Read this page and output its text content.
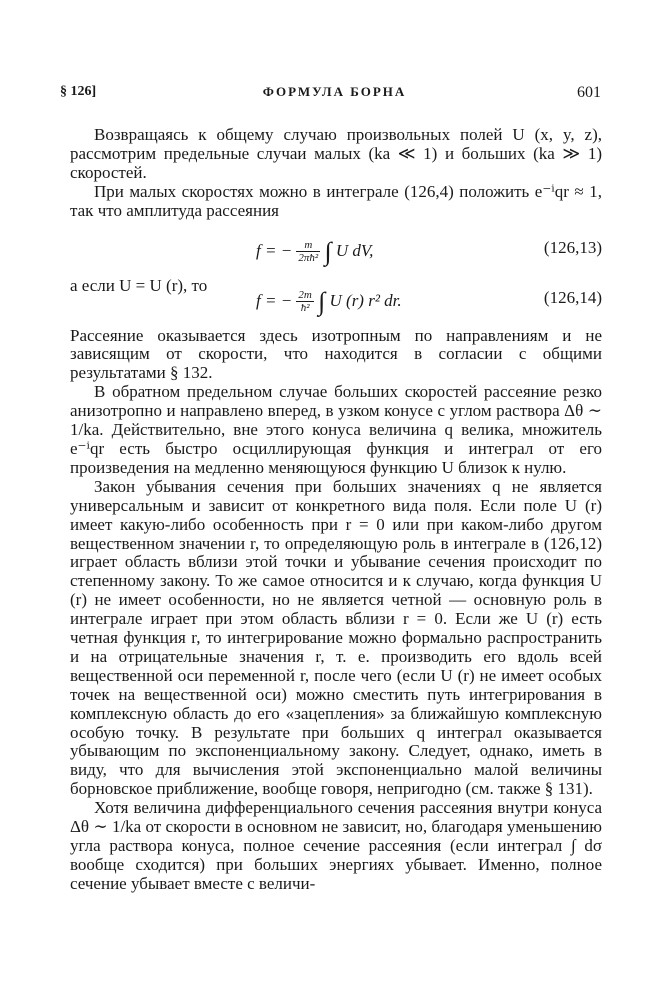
§ 126]	ФОРМУЛА БОРНА	601

Возвращаясь к общему случаю произвольных полей U (x, y, z), рассмотрим предельные случаи малых (ka ≪ 1) и больших (ka ≫ 1) скоростей.

При малых скоростях можно в интеграле (126,4) положить e⁻ⁱqr ≈ 1, так что амплитуда рассеяния

f = − $\frac{m}{\text{2πħ²}}$ ∫ U dV,	(126,13)
а если U = U (r), то
f = − $\frac{2m}{\text{ħ²}}$ ∫ U (r) r² dr.	(126,14)

Рассеяние оказывается здесь изотропным по направлениям и не зависящим от скорости, что находится в согласии с общими результатами § 132.

В обратном предельном случае больших скоростей рассеяние резко анизотропно и направлено вперед, в узком конусе с углом раствора Δθ ∼ 1/ka. Действительно, вне этого конуса величина q велика, множитель e⁻ⁱqr есть быстро осциллирующая функция и интеграл от его произведения на медленно меняющуюся функцию U близок к нулю.

Закон убывания сечения при больших значениях q не является универсальным и зависит от конкретного вида поля. Если поле U (r) имеет какую-либо особенность при r = 0 или при каком-либо другом вещественном значении r, то определяющую роль в интеграле в (126,12) играет область вблизи этой точки и убывание сечения происходит по степенному закону. То же самое относится и к случаю, когда функция U (r) не имеет особенности, но не является четной — основную роль в интеграле играет при этом область вблизи r = 0. Если же U (r) есть четная функция r, то интегрирование можно формально распространить и на отрицательные значения r, т. е. производить его вдоль всей вещественной оси переменной r, после чего (если U (r) не имеет особых точек на вещественной оси) можно сместить путь интегрирования в комплексную область до его «зацепления» за ближайшую комплексную особую точку. В результате при больших q интеграл оказывается убывающим по экспоненциальному закону. Следует, однако, иметь в виду, что для вычисления этой экспоненциально малой величины борновское приближение, вообще говоря, непригодно (см. также § 131).

Хотя величина дифференциального сечения рассеяния внутри конуса Δθ ∼ 1/ka от скорости в основном не зависит, но, благодаря уменьшению угла раствора конуса, полное сечение рассеяния (если интеграл ∫ dσ вообще сходится) при больших энергиях убывает. Именно, полное сечение убывает вместе с величи-
